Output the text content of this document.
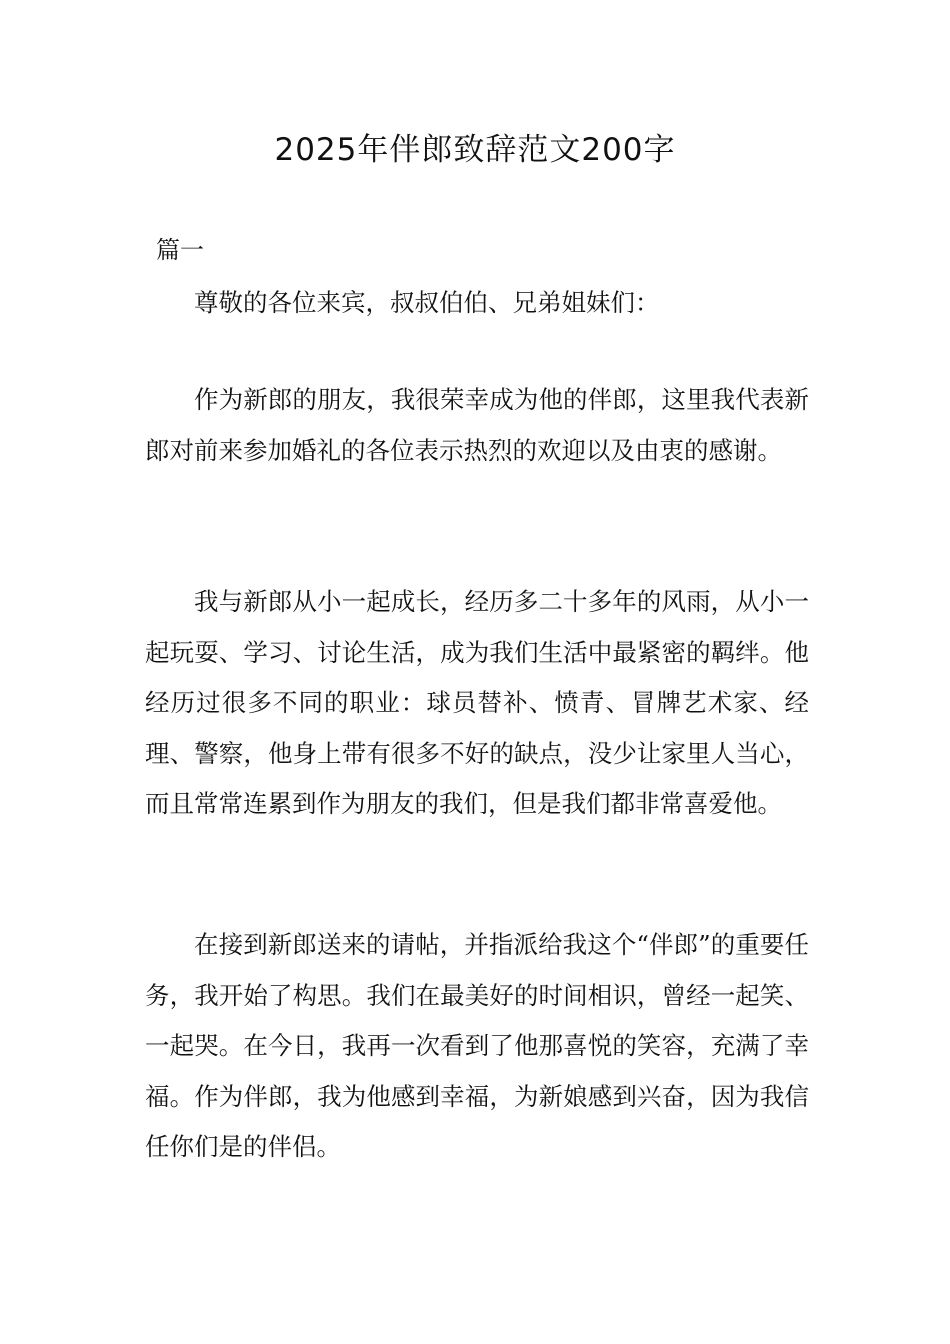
2025年伴郎致辞范文200字
篇一

尊敬的各位来宾，叔叔伯伯、兄弟姐妹们：

作为新郎的朋友，我很荣幸成为他的伴郎，这里我代表新郎对前来参加婚礼的各位表示热烈的欢迎以及由衷的感谢。

我与新郎从小一起成长，经历多二十多年的风雨，从小一起玩耍、学习、讨论生活，成为我们生活中最紧密的羁绊。他经历过很多不同的职业：球员替补、愤青、冒牌艺术家、经理、警察，他身上带有很多不好的缺点，没少让家里人当心，而且常常连累到作为朋友的我们，但是我们都非常喜爱他。

在接到新郎送来的请帖，并指派给我这个“伴郎”的重要任务，我开始了构思。我们在最美好的时间相识，曾经一起笑、一起哭。在今日，我再一次看到了他那喜悦的笑容，充满了幸福。作为伴郎，我为他感到幸福，为新娘感到兴奋，因为我信任你们是的伴侣。
